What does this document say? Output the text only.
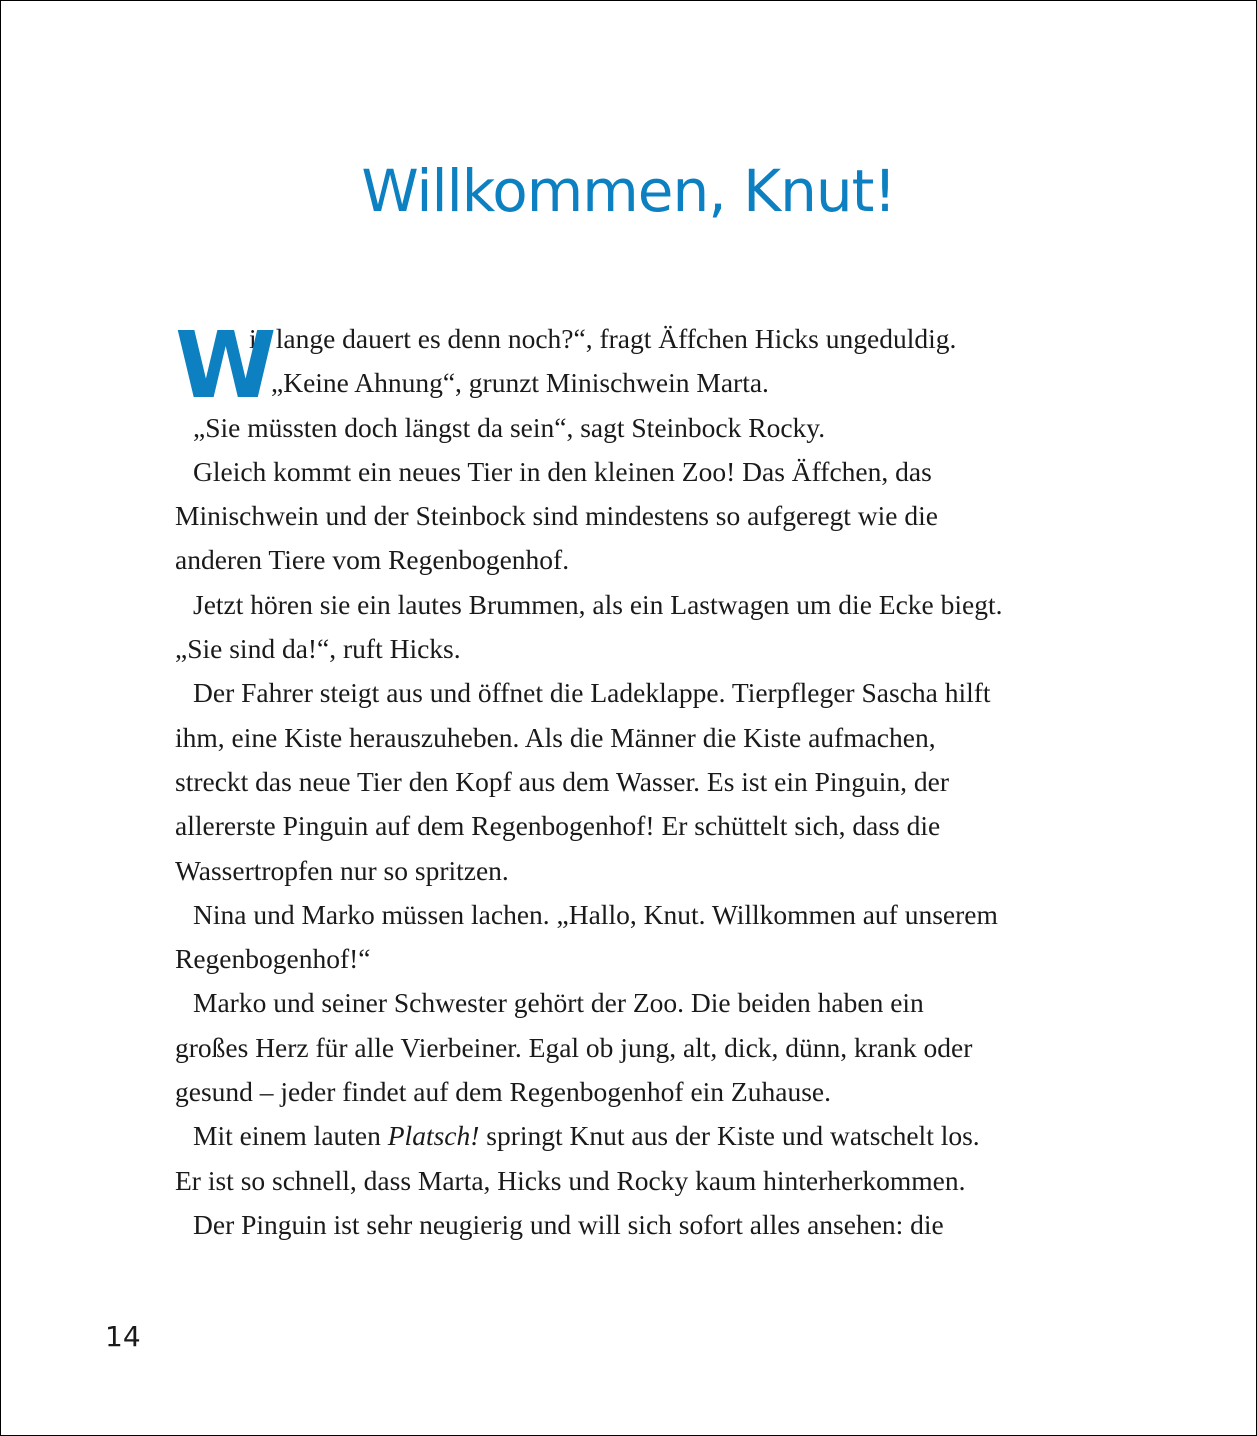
Willkommen, Knut!
W
ie lange dauert es denn noch?“, fragt Äffchen Hicks ungeduldig.
„Keine Ahnung“, grunzt Minischwein Marta.
„Sie müssten doch längst da sein“, sagt Steinbock Rocky.
Gleich kommt ein neues Tier in den kleinen Zoo! Das Äffchen, das
Minischwein und der Steinbock sind mindestens so aufgeregt wie die
anderen Tiere vom Regenbogenhof.
Jetzt hören sie ein lautes Brummen, als ein Lastwagen um die Ecke biegt.
„Sie sind da!“, ruft Hicks.
Der Fahrer steigt aus und öffnet die Ladeklappe. Tierpfleger Sascha hilft
ihm, eine Kiste herauszuheben. Als die Männer die Kiste aufmachen,
streckt das neue Tier den Kopf aus dem Wasser. Es ist ein Pinguin, der
allererste Pinguin auf dem Regenbogenhof! Er schüttelt sich, dass die
Wassertropfen nur so spritzen.
Nina und Marko müssen lachen. „Hallo, Knut. Willkommen auf unserem
Regenbogenhof!“
Marko und seiner Schwester gehört der Zoo. Die beiden haben ein
großes Herz für alle Vierbeiner. Egal ob jung, alt, dick, dünn, krank oder
gesund – jeder findet auf dem Regenbogenhof ein Zuhause.
Mit einem lauten Platsch! springt Knut aus der Kiste und watschelt los.
Er ist so schnell, dass Marta, Hicks und Rocky kaum hinterherkommen.
Der Pinguin ist sehr neugierig und will sich sofort alles ansehen: die
14
